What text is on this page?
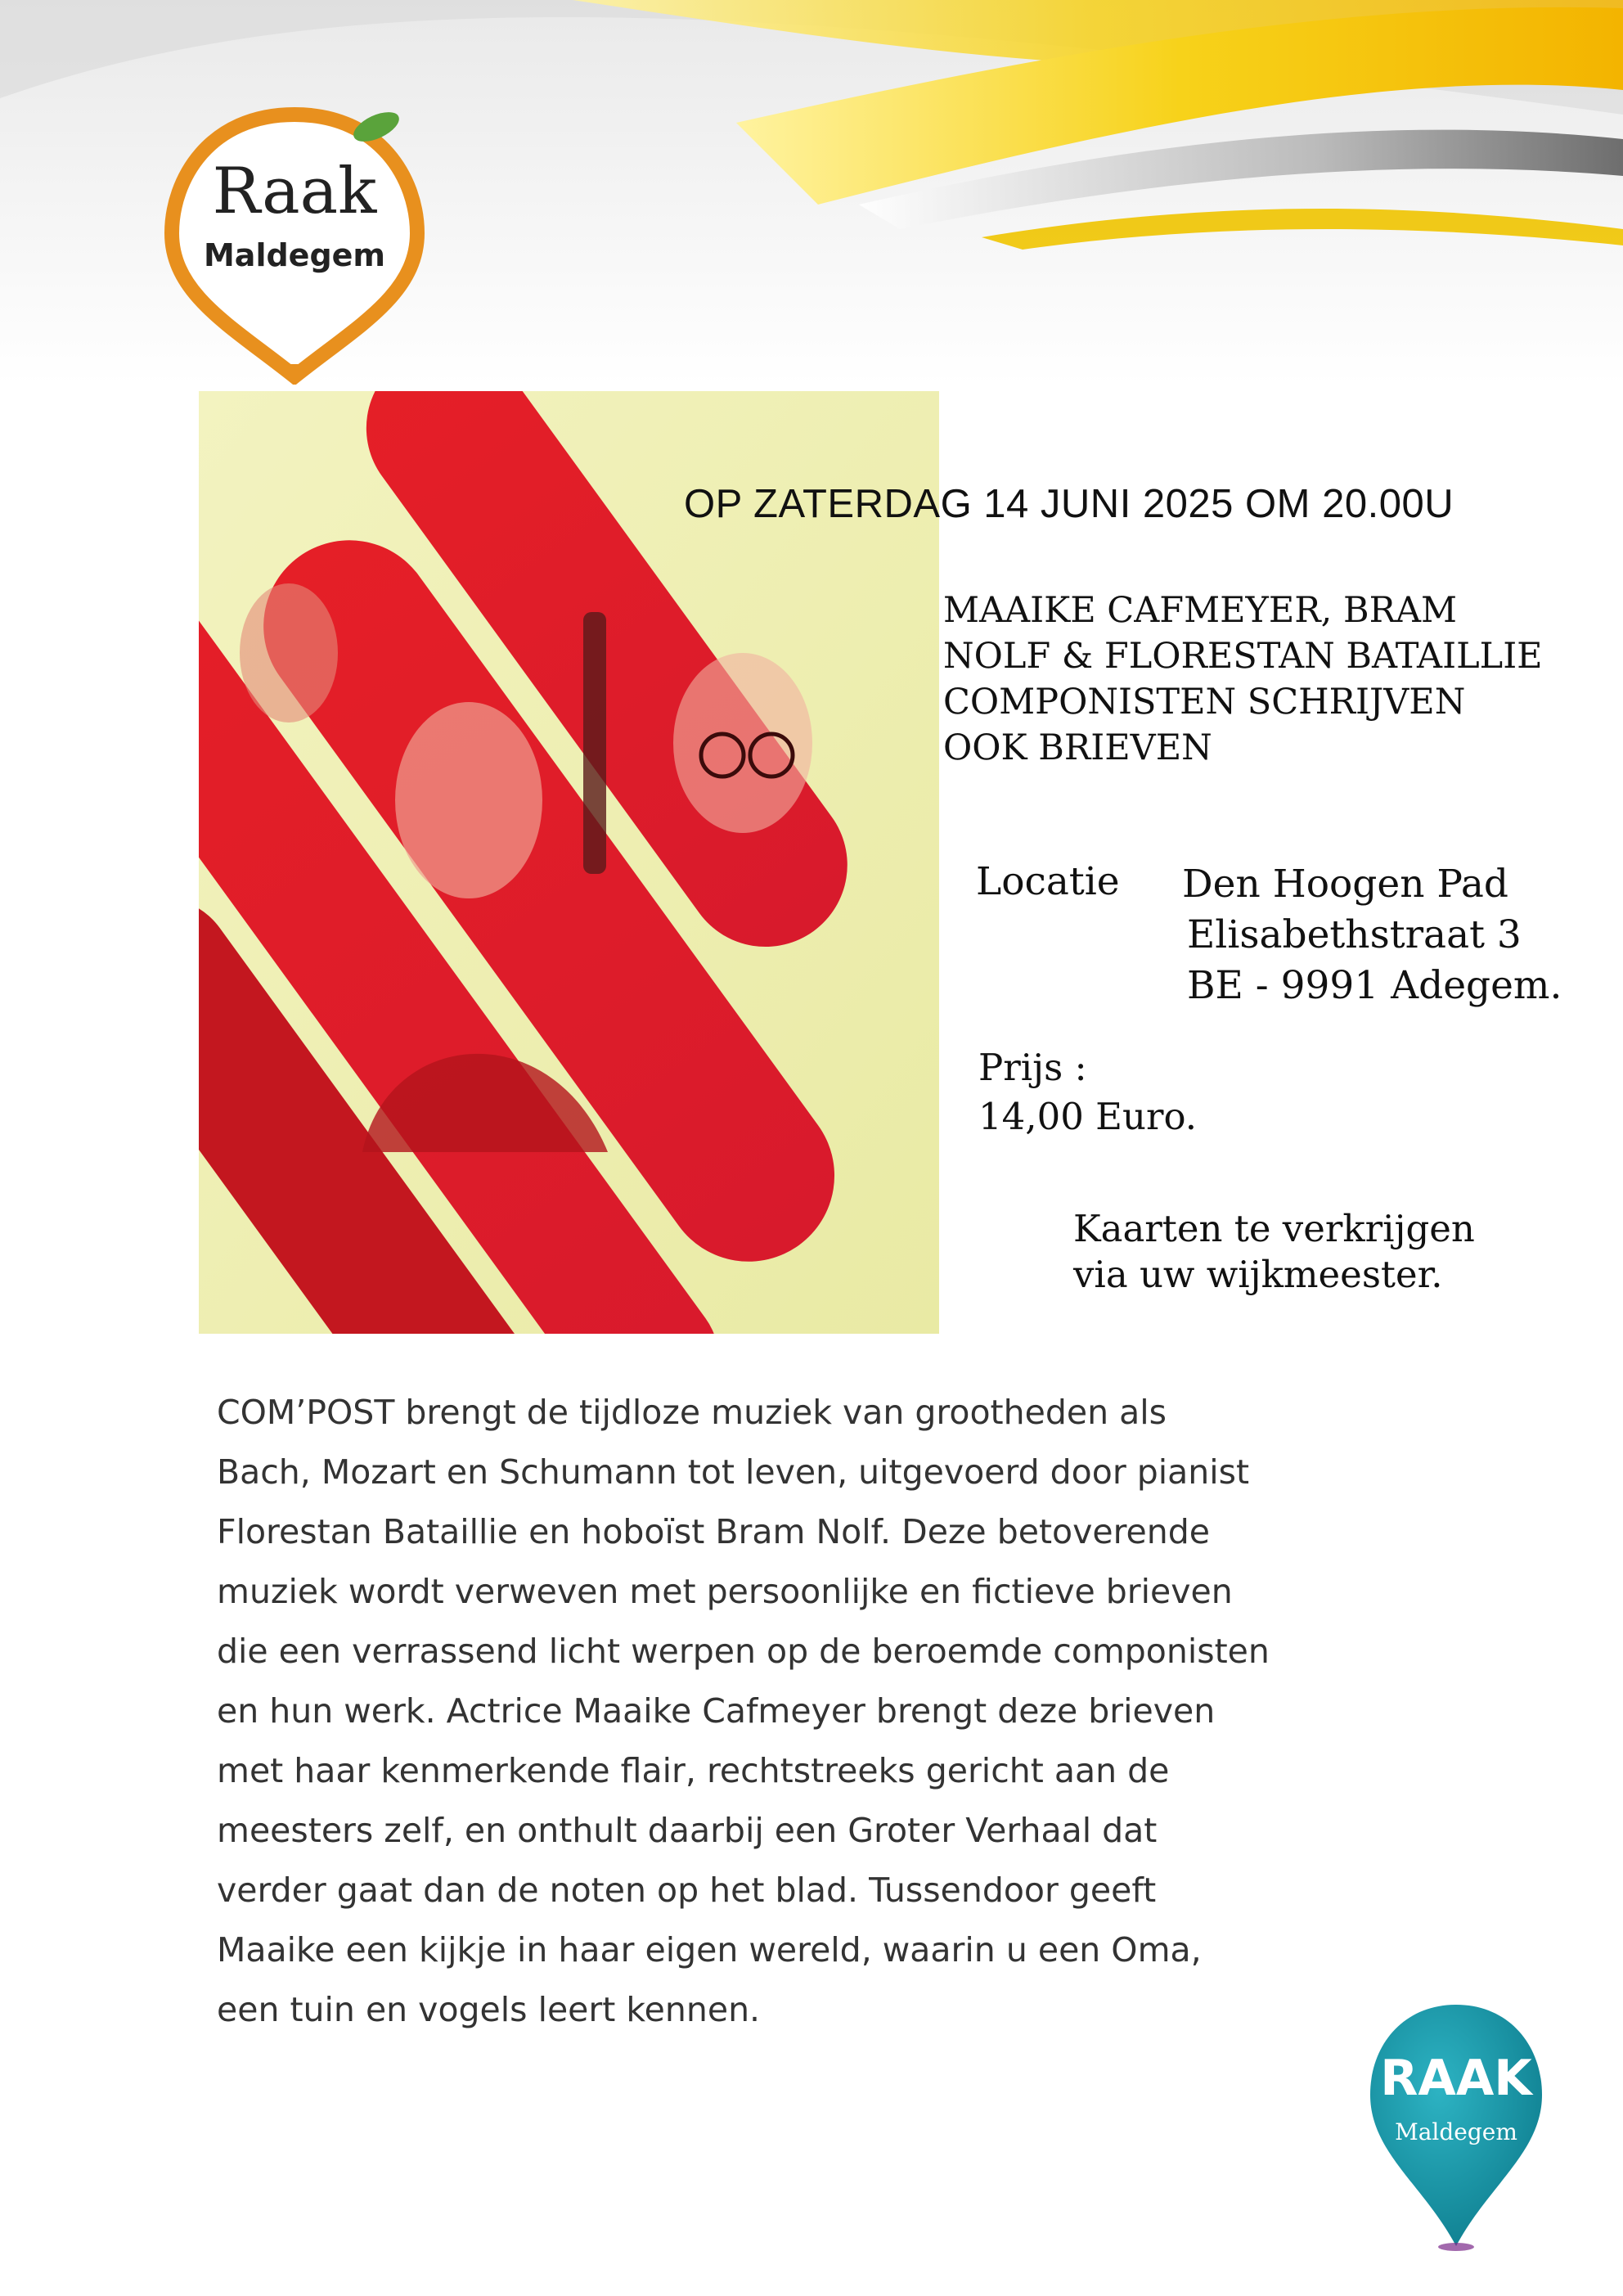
Raak
Maldegem
OP ZATERDAG 14 JUNI 2025 OM 20.00U
MAAIKE CAFMEYER, BRAM
NOLF & FLORESTAN BATAILLIE
COMPONISTEN SCHRIJVEN
OOK BRIEVEN
Locatie Den Hoogen Pad
Elisabethstraat 3
BE - 9991 Adegem.
Prijs :
14,00 Euro.
Kaarten te verkrijgen
via uw wijkmeester.
COM’POST brengt de tijdloze muziek van grootheden als
Bach, Mozart en Schumann tot leven, uitgevoerd door pianist
Florestan Bataillie en hoboïst Bram Nolf. Deze betoverende
muziek wordt verweven met persoonlijke en fictieve brieven
die een verrassend licht werpen op de beroemde componisten
en hun werk. Actrice Maaike Cafmeyer brengt deze brieven
met haar kenmerkende flair, rechtstreeks gericht aan de
meesters zelf, en onthult daarbij een Groter Verhaal dat
verder gaat dan de noten op het blad. Tussendoor geeft
Maaike een kijkje in haar eigen wereld, waarin u een Oma,
een tuin en vogels leert kennen.
RAAK
Maldegem
